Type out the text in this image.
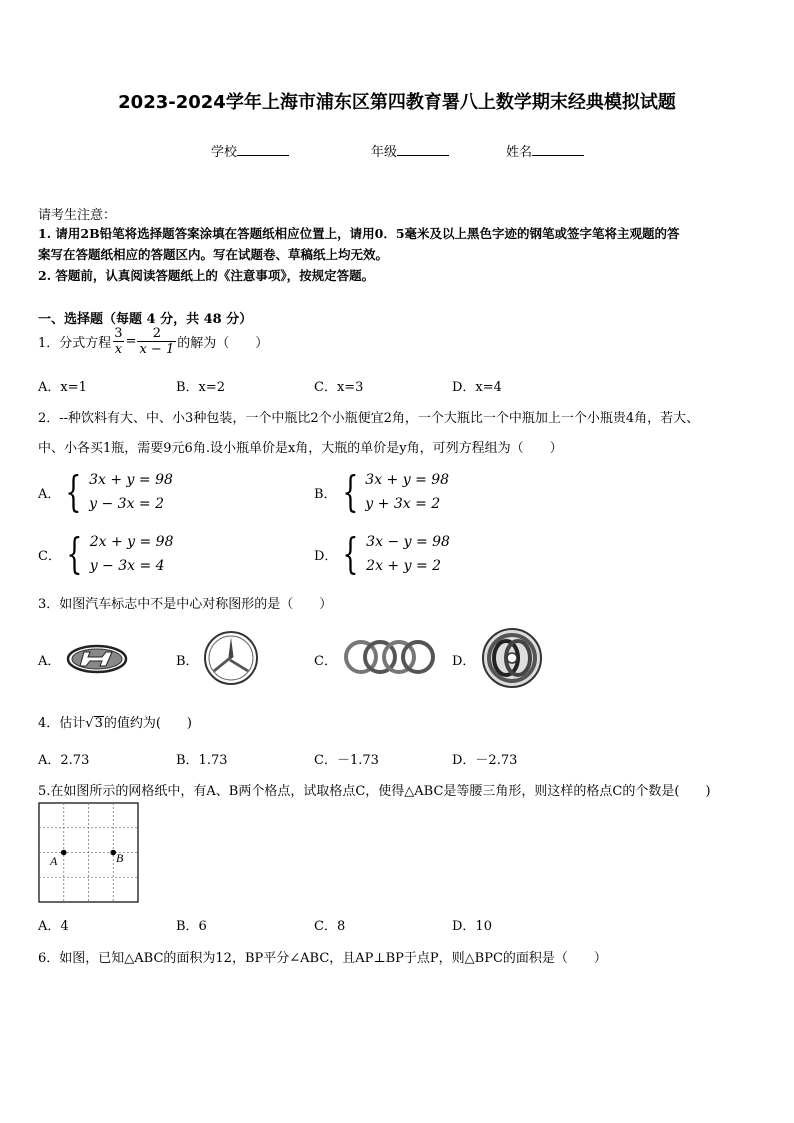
2023-2024学年上海市浦东区第四教育署八上数学期末经典模拟试题
学校	年级	姓名
请考生注意：
1. 请用2B铅笔将选择题答案涂填在答题纸相应位置上，请用0．5毫米及以上黑色字迹的钢笔或签字笔将主观题的答
案写在答题纸相应的答题区内。写在试题卷、草稿纸上均无效。
2. 答题前，认真阅读答题纸上的《注意事项》，按规定答题。
一、选择题（每题 4 分，共 48 分）
1．分式方程 $\frac{3}{x} = \frac{2}{x - 1}$ 的解为（　　）
A．x=1	B．x=2	C．x=3	D．x=4
2．--种饮料有大、中、小3种包装，一个中瓶比2个小瓶便宜2角，一个大瓶比一个中瓶加上一个小瓶贵4角，若大、
中、小各买1瓶，需要9元6角.设小瓶单价是x角，大瓶的单价是y角，可列方程组为（　　）
A． { 3x + y = 98
y − 3x = 2
B． { 3x + y = 98
y + 3x = 2
C． { 2x + y = 98
y − 3x = 4
D． { 3x − y = 98
2x + y = 2
3．如图汽车标志中不是中心对称图形的是（　　）
A．	B．	C．	D．
4．估计√3的值约为(　　)
A．2.73	B．1.73	C．－1.73	D．－2.73
5.在如图所示的网格纸中，有A、B两个格点，试取格点C，使得△ABC是等腰三角形，则这样的格点C的个数是(　　)
A	B
A．4	B．6	C．8	D．10
6．如图，已知△ABC的面积为12，BP平分∠ABC，且AP⊥BP于点P，则△BPC的面积是（　　）
